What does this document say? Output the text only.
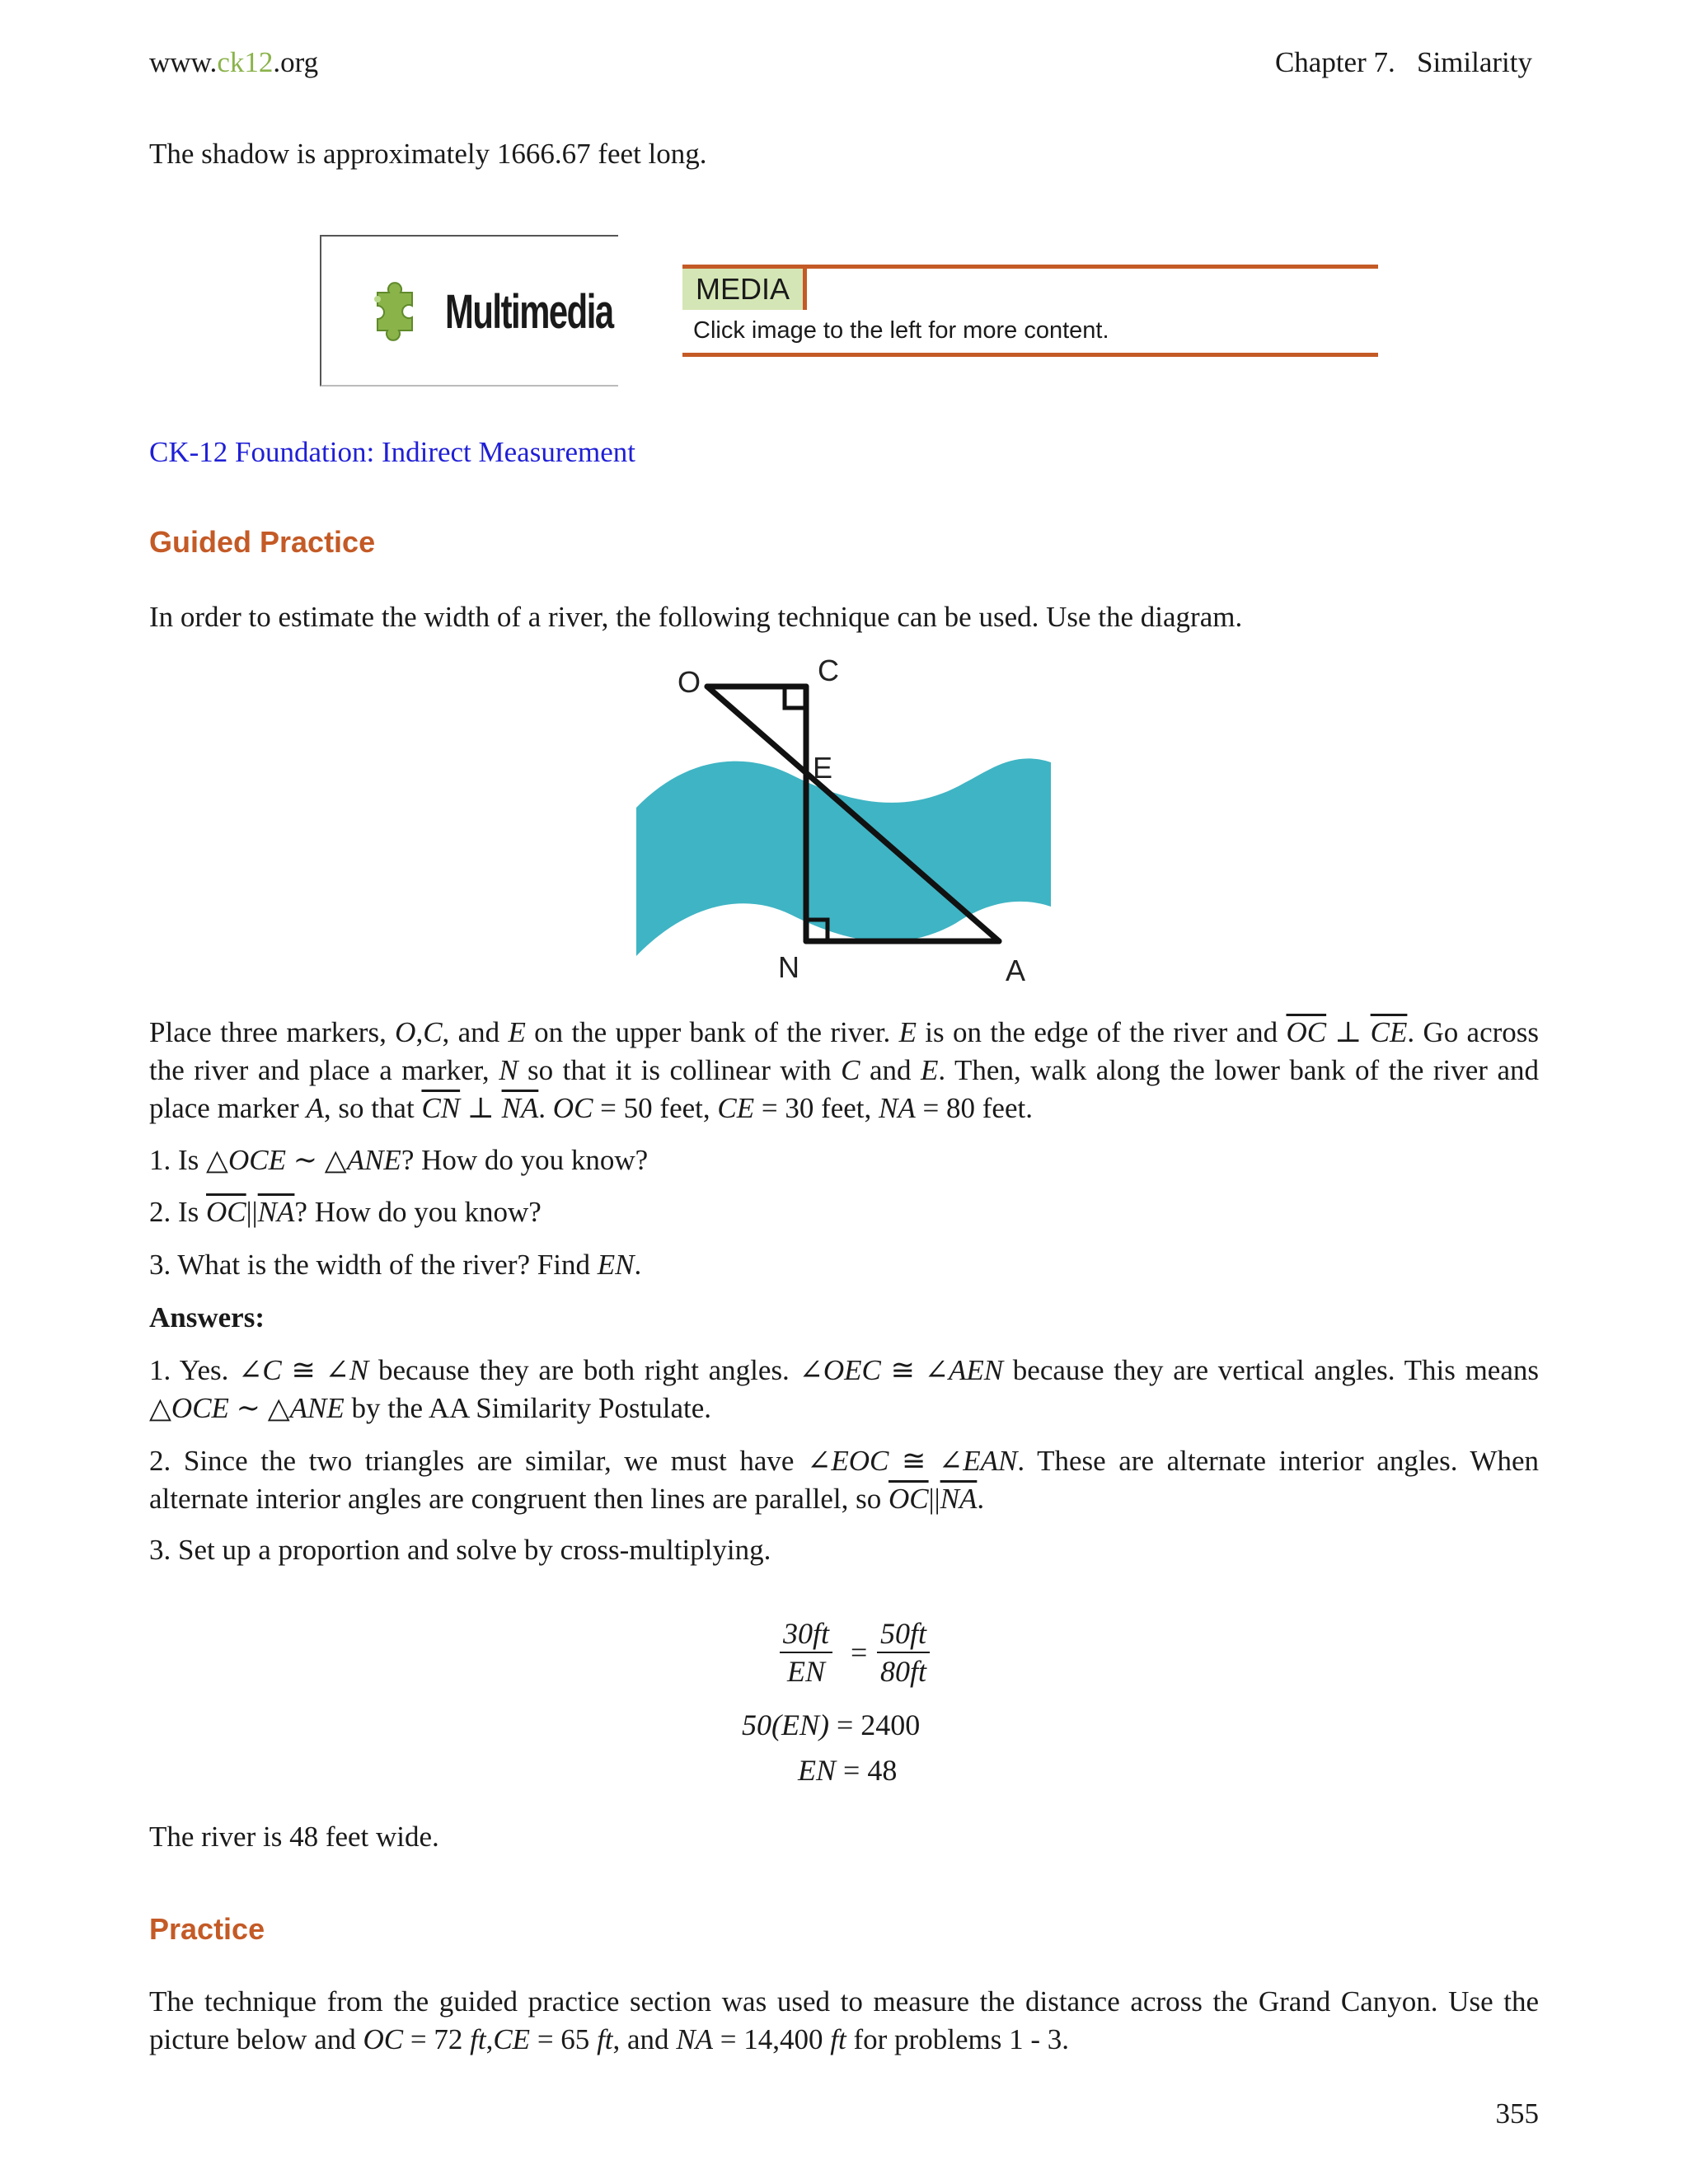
www.ck12.org	Chapter 7.   Similarity

The shadow is approximately 1666.67 feet long.

Multimedia	MEDIA
Click image to the left for more content.
CK-12 Foundation: Indirect Measurement
Guided Practice

In order to estimate the width of a river, the following technique can be used. Use the diagram.

O	C
E
N	A

Place three markers, O,C, and E on the upper bank of the river. E is on the edge of the river and $\overline{OC}$ ⊥ $\overline{CE}$. Go across the river and place a marker, N so that it is collinear with C and E. Then, walk along the lower bank of the river and place marker A, so that $\overline{CN}$ ⊥ $\overline{NA}$. OC = 50 feet, CE = 30 feet, NA = 80 feet.

1. Is △OCE ∼ △ANE? How do you know?

2. Is $\overline{OC}||\overline{NA}$? How do you know?

3. What is the width of the river? Find EN.

Answers:

1. Yes. ∠C ≅ ∠N because they are both right angles. ∠OEC ≅ ∠AEN because they are vertical angles. This means △OCE ∼ △ANE by the AA Similarity Postulate.

2. Since the two triangles are similar, we must have ∠EOC ≅ ∠EAN. These are alternate interior angles. When alternate interior angles are congruent then lines are parallel, so $\overline{OC}||\overline{NA}$.

3. Set up a proportion and solve by cross-multiplying.

$\frac{30ft}{EN} = \frac{50ft}{80ft}$
50(EN) = 2400
EN = 48

The river is 48 feet wide.

Practice

The technique from the guided practice section was used to measure the distance across the Grand Canyon. Use the picture below and OC = 72 ft,CE = 65 ft, and NA = 14,400 ft for problems 1 - 3.

355
